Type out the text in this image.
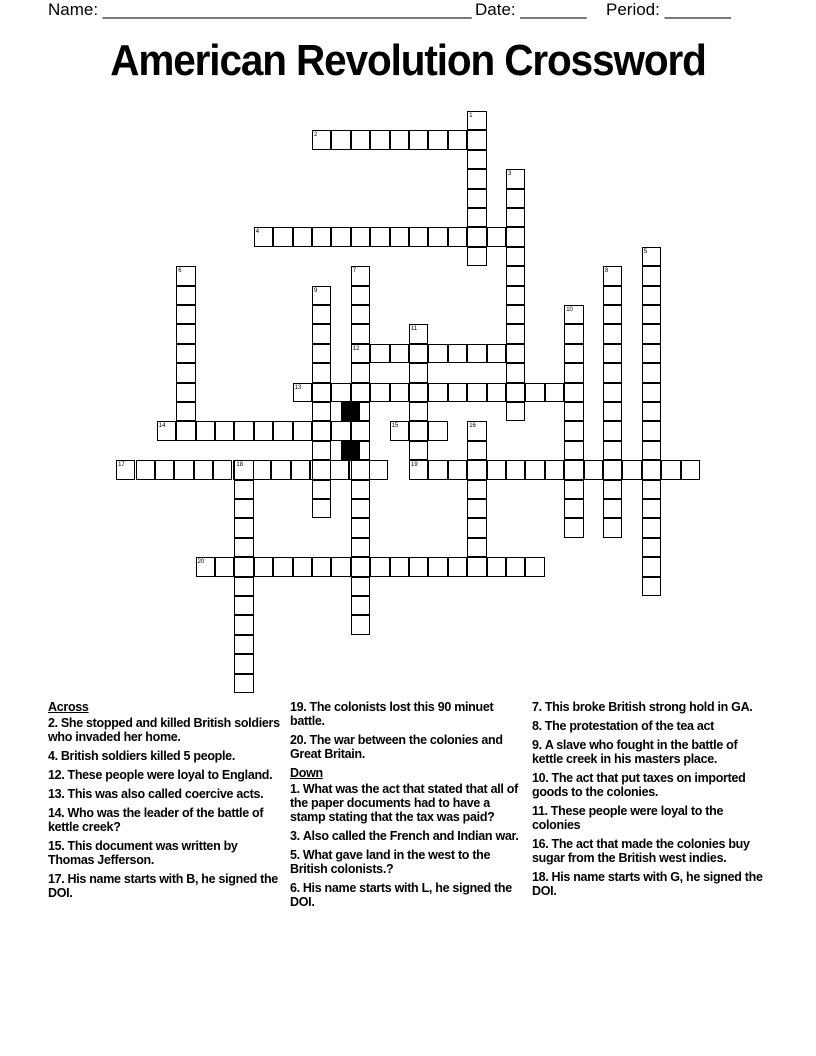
Name: _______________________________________ Date: _______ Period: _______
American Revolution Crossword
2
4
12
13
14	15
17	19
20
1
3
5
6	7	8
9
10
11
16
18
Across
2. She stopped and killed British soldiers who invaded her home.
4. British soldiers killed 5 people.
12. These people were loyal to England.
13. This was also called coercive acts.
14. Who was the leader of the battle of kettle creek?
15. This document was written by Thomas Jefferson.
17. His name starts with B, he signed the DOI.
19. The colonists lost this 90 minuet battle.
20. The war between the colonies and Great Britain.
Down
1. What was the act that stated that all of the paper documents had to have a stamp stating that the tax was paid?
3. Also called the French and Indian war.
5. What gave land in the west to the British colonists.?
6. His name starts with L, he signed the DOI.
7. This broke British strong hold in GA.
8. The protestation of the tea act
9. A slave who fought in the battle of kettle creek in his masters place.
10. The act that put taxes on imported goods to the colonies.
11. These people were loyal to the colonies
16. The act that made the colonies buy sugar from the British west indies.
18. His name starts with G, he signed the DOI.
